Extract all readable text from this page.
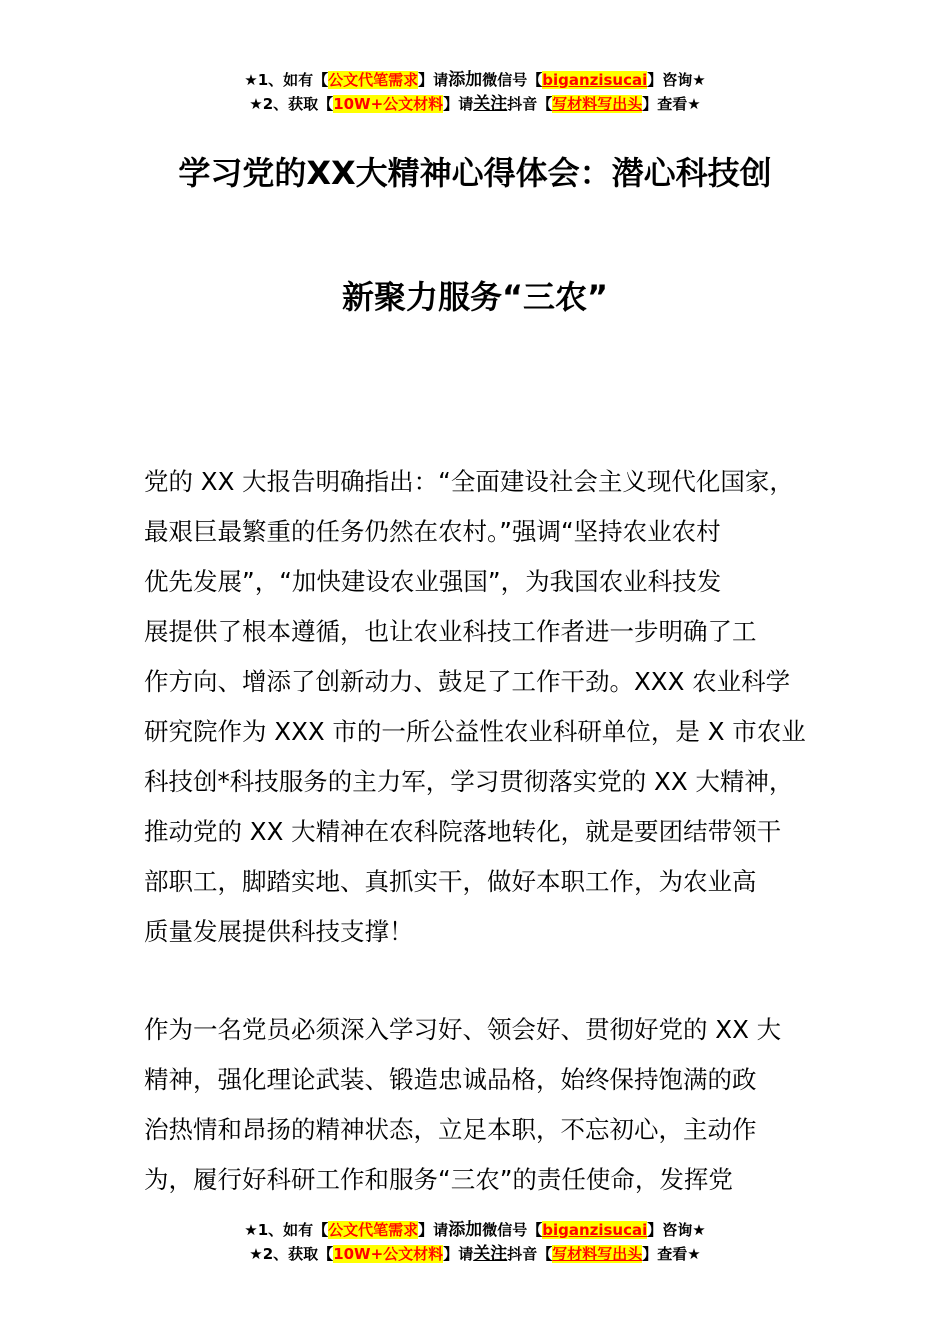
★1、如有【公文代笔需求】请添加微信号【biganzisucai】咨询★
★2、获取【10W+公文材料】请关注抖音【写材料写出头】查看★
学习党的XX大精神心得体会：潜心科技创
新聚力服务“三农”
党的 XX 大报告明确指出：“全面建设社会主义现代化国家，
最艰巨最繁重的任务仍然在农村。”强调“坚持农业农村
优先发展”，“加快建设农业强国”，为我国农业科技发
展提供了根本遵循，也让农业科技工作者进一步明确了工
作方向、增添了创新动力、鼓足了工作干劲。XXX 农业科学
研究院作为 XXX 市的一所公益性农业科研单位，是 X 市农业
科技创*科技服务的主力军，学习贯彻落实党的 XX 大精神，
推动党的 XX 大精神在农科院落地转化，就是要团结带领干
部职工，脚踏实地、真抓实干，做好本职工作，为农业高
质量发展提供科技支撑！
作为一名党员必须深入学习好、领会好、贯彻好党的 XX 大
精神，强化理论武装、锻造忠诚品格，始终保持饱满的政
治热情和昂扬的精神状态，立足本职，不忘初心，主动作
为，履行好科研工作和服务“三农”的责任使命，发挥党
★1、如有【公文代笔需求】请添加微信号【biganzisucai】咨询★
★2、获取【10W+公文材料】请关注抖音【写材料写出头】查看★
